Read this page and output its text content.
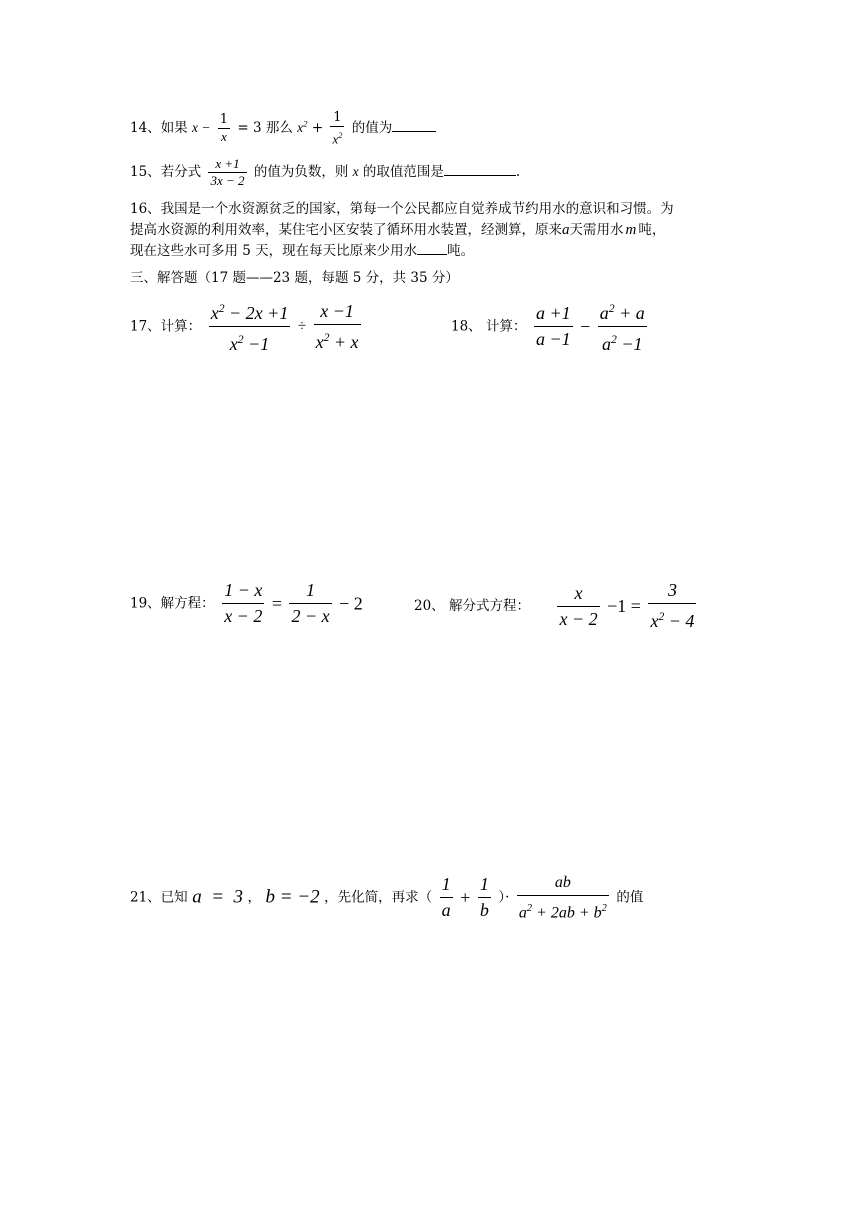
14、如果 $x - \frac{1}{x} = 3$ 那么 $x^2 + \frac{1}{x^2}$ 的值为
15、若分式 $\frac{x +1}{3x - 2}$ 的值为负数，则 x 的取值范围是	.
16、我国是一个水资源贫乏的国家，第每一个公民都应自觉养成节约用水的意识和习惯。为
提高水资源的利用效率，某住宅小区安装了循环用水装置，经测算，原来a天需用水 m 吨，
现在这些水可多用 5 天，现在每天比原来少用水 吨。
三、解答题（17 题——23 题，每题 5 分，共 35 分）
17、计算： $\frac{x^2 - 2x +1}{x^2 -1} \div \frac{x -1}{x^2 + x}$	18、 计算： $\frac{a +1}{a -1} - \frac{a^2 + a}{a^2 -1}$
19、解方程： $\frac{1 - x}{x - 2} = \frac{1}{2 - x} - 2$	20、 解分式方程： $\frac{x}{x - 2} -1 = \frac{3}{x^2 - 4}$
21、已知 a  =  3 ， b = −2 ，先化简，再求（ $\frac{1}{a} + \frac{1}{b}$ ）· $\frac{ab}{a^2 + 2ab + b^2}$ 的值
